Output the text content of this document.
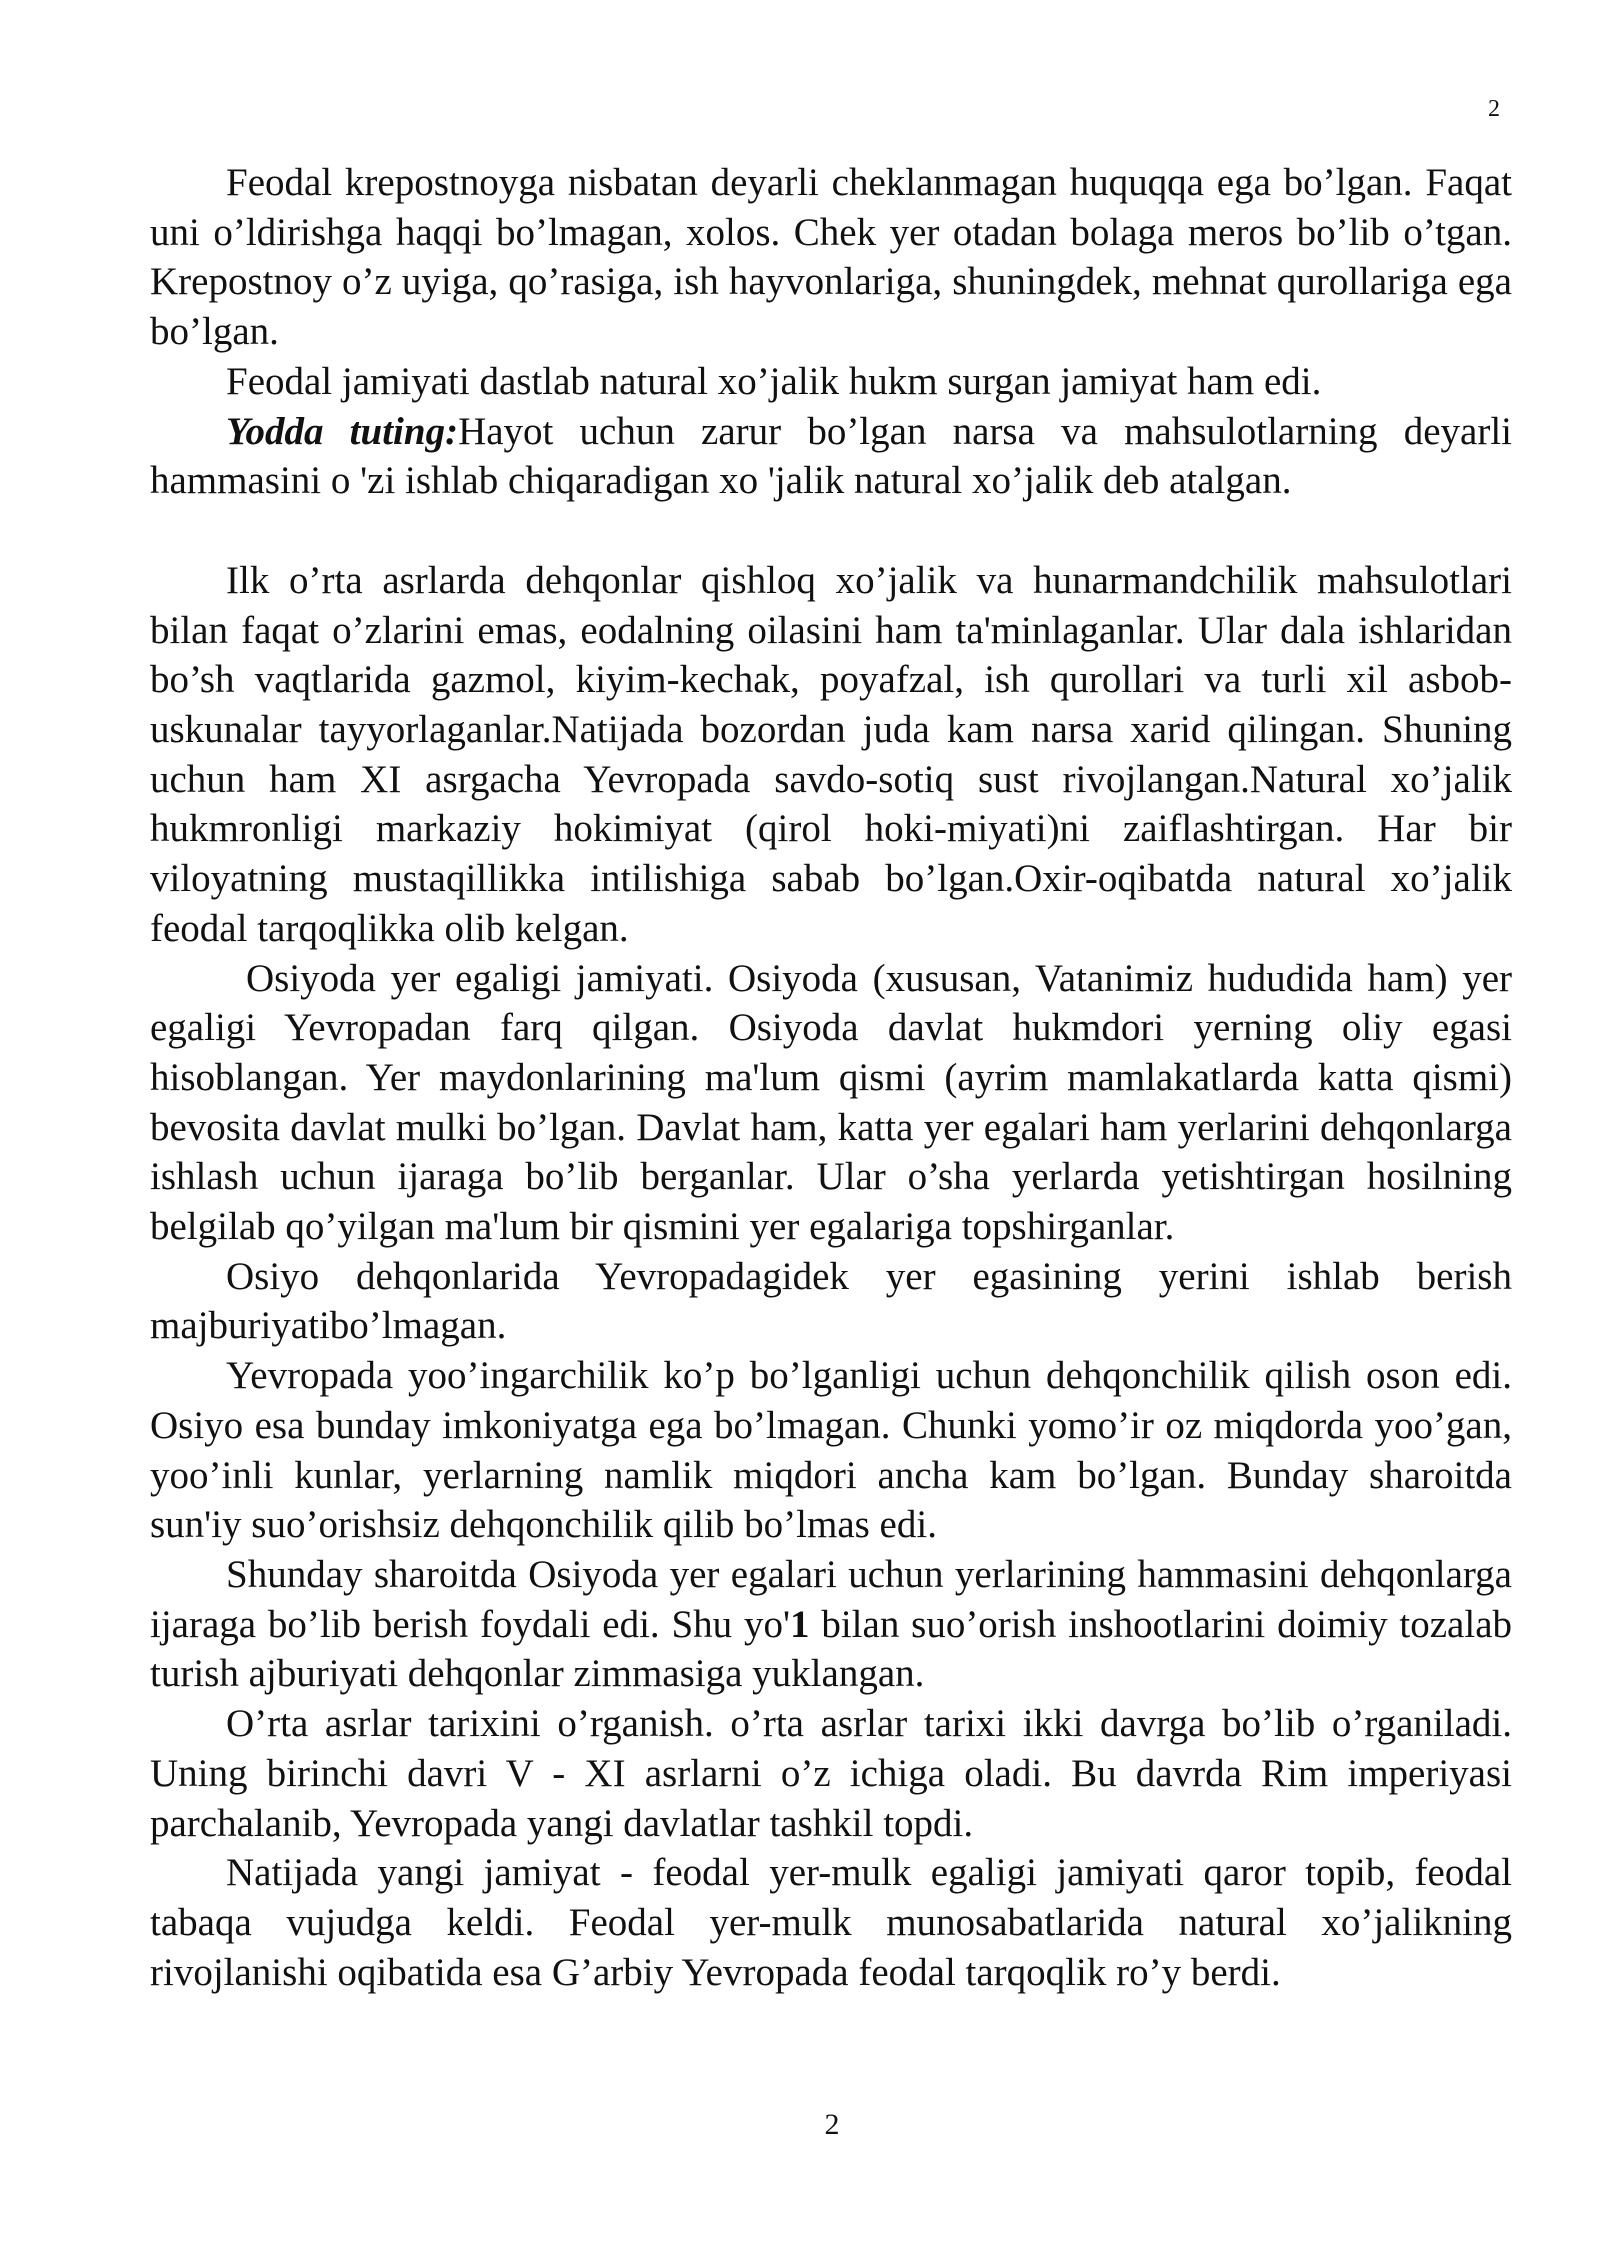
2

Feodal krepostnoyga nisbatan deyarli cheklanmagan huquqqa ega bo’lgan. Faqat uni o’ldirishga haqqi bo’lmagan, xolos. Chek yer otadan bolaga meros bo’lib o’tgan. Krepostnoy o’z uyiga, qo’rasiga, ish hayvonlariga, shuningdek, mehnat qurollariga ega bo’lgan.

Feodal jamiyati dastlab natural xo’jalik hukm surgan jamiyat ham edi.

Yodda tuting:Hayot uchun zarur bo’lgan narsa va mahsulotlarning deyarli hammasini o 'zi ishlab chiqaradigan xo 'jalik natural xo’jalik deb atalgan.

Ilk o’rta asrlarda dehqonlar qishloq xo’jalik va hunarmandchilik mahsulotlari bilan faqat o’zlarini emas, eodalning oilasini ham ta'minlaganlar. Ular dala ishlaridan bo’sh vaqtlarida gazmol, kiyim-kechak, poyafzal, ish qurollari va turli xil asbob-uskunalar tayyorlaganlar.Natijada bozordan juda kam narsa xarid qilingan. Shuning uchun ham XI asrgacha Yevropada savdo-sotiq sust rivojlangan.Natural xo’jalik hukmronligi markaziy hokimiyat (qirol hoki-miyati)ni zaiflashtirgan. Har bir viloyatning mustaqillikka intilishiga sabab bo’lgan.Oxir-oqibatda natural xo’jalik feodal tarqoqlikka olib kelgan.

Osiyoda yer egaligi jamiyati. Osiyoda (xususan, Vatanimiz hududida ham) yer egaligi Yevropadan farq qilgan. Osiyoda davlat hukmdori yerning oliy egasi hisoblangan. Yer maydonlarining ma'lum qismi (ayrim mamlakatlarda katta qismi) bevosita davlat mulki bo’lgan. Davlat ham, katta yer egalari ham yerlarini dehqonlarga ishlash uchun ijaraga bo’lib berganlar. Ular o’sha yerlarda yetishtirgan hosilning belgilab qo’yilgan ma'lum bir qismini yer egalariga topshirganlar.

Osiyo dehqonlarida Yevropadagidek yer egasining yerini ishlab berish majburiyatibo’lmagan.

Yevropada yoo’ingarchilik ko’p bo’lganligi uchun dehqonchilik qilish oson edi. Osiyo esa bunday imkoniyatga ega bo’lmagan. Chunki yomo’ir oz miqdorda yoo’gan, yoo’inli kunlar, yerlarning namlik miqdori ancha kam bo’lgan. Bunday sharoitda sun'iy suo’orishsiz dehqonchilik qilib bo’lmas edi.

Shunday sharoitda Osiyoda yer egalari uchun yerlarining hammasini dehqonlarga ijaraga bo’lib berish foydali edi. Shu yo'1 bilan suo’orish inshootlarini doimiy tozalab turish ajburiyati dehqonlar zimmasiga yuklangan.

O’rta asrlar tarixini o’rganish. o’rta asrlar tarixi ikki davrga bo’lib o’rganiladi. Uning birinchi davri V - XI asrlarni o’z ichiga oladi. Bu davrda Rim imperiyasi parchalanib, Yevropada yangi davlatlar tashkil topdi.

Natijada yangi jamiyat - feodal yer-mulk egaligi jamiyati qaror topib, feodal tabaqa vujudga keldi. Feodal yer-mulk munosabatlarida natural xo’jalikning rivojlanishi oqibatida esa G’arbiy Yevropada feodal tarqoqlik ro’y berdi.

2
